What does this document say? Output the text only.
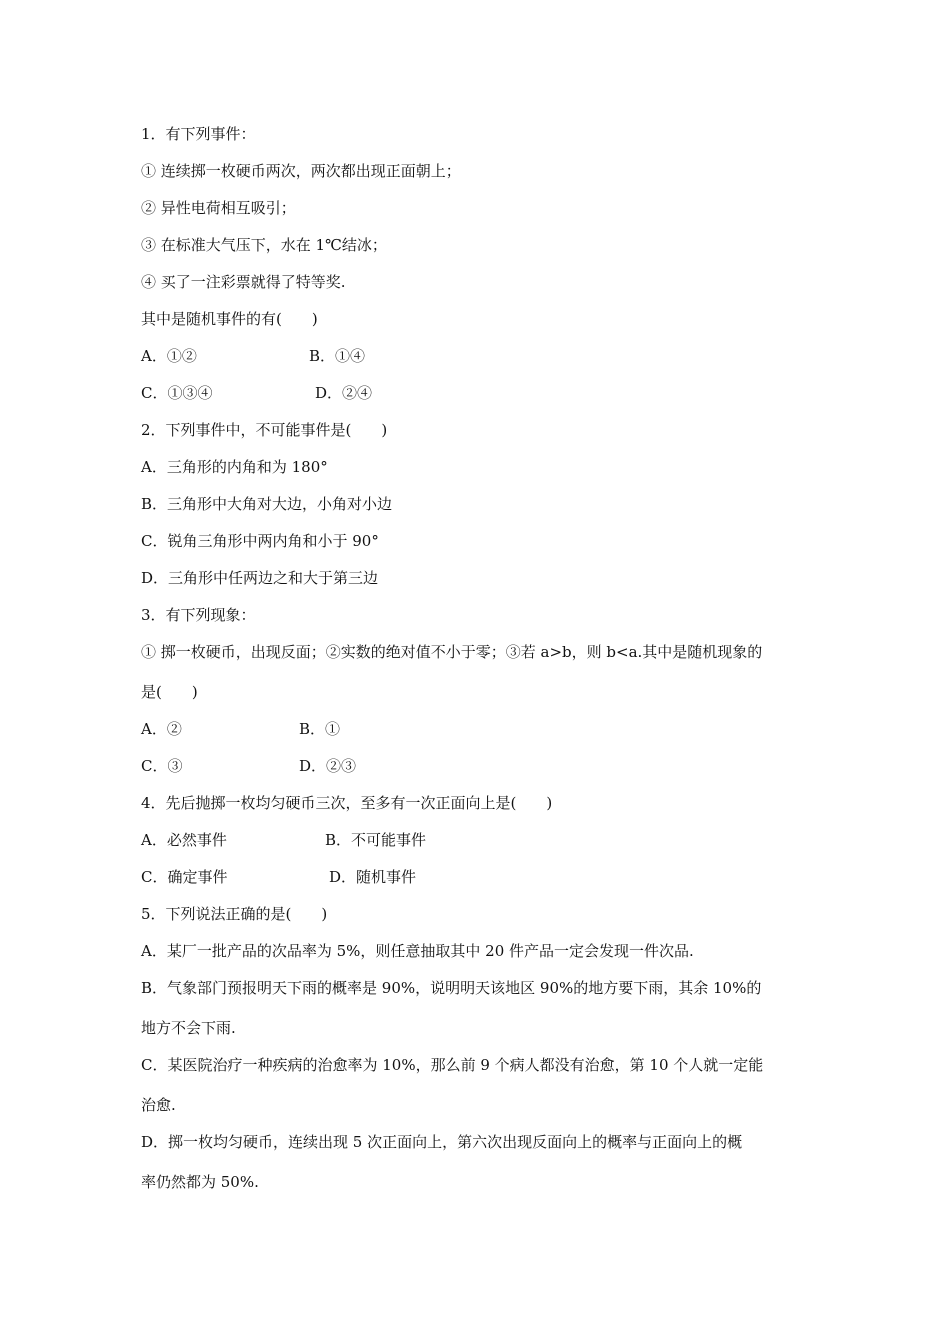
1．有下列事件：
① 连续掷一枚硬币两次，两次都出现正面朝上；
② 异性电荷相互吸引；
③ 在标准大气压下，水在 1℃结冰；
④ 买了一注彩票就得了特等奖.
其中是随机事件的有(　　)
A．①②	B．①④
C．①③④	D．②④
2．下列事件中，不可能事件是(　　)
A．三角形的内角和为 180°
B．三角形中大角对大边，小角对小边
C．锐角三角形中两内角和小于 90°
D．三角形中任两边之和大于第三边
3．有下列现象：
① 掷一枚硬币，出现反面；②实数的绝对值不小于零；③若 a>b，则 b<a.其中是随机现象的
是(　　)
A．②	B．①
C．③	D．②③
4．先后抛掷一枚均匀硬币三次，至多有一次正面向上是(　　)
A．必然事件	B．不可能事件
C．确定事件	D．随机事件
5．下列说法正确的是(　　)
A．某厂一批产品的次品率为 5%，则任意抽取其中 20 件产品一定会发现一件次品.
B．气象部门预报明天下雨的概率是 90%，说明明天该地区 90%的地方要下雨，其余 10%的
地方不会下雨.
C．某医院治疗一种疾病的治愈率为 10%，那么前 9 个病人都没有治愈，第 10 个人就一定能
治愈.
D．掷一枚均匀硬币，连续出现 5 次正面向上，第六次出现反面向上的概率与正面向上的概
率仍然都为 50%.
